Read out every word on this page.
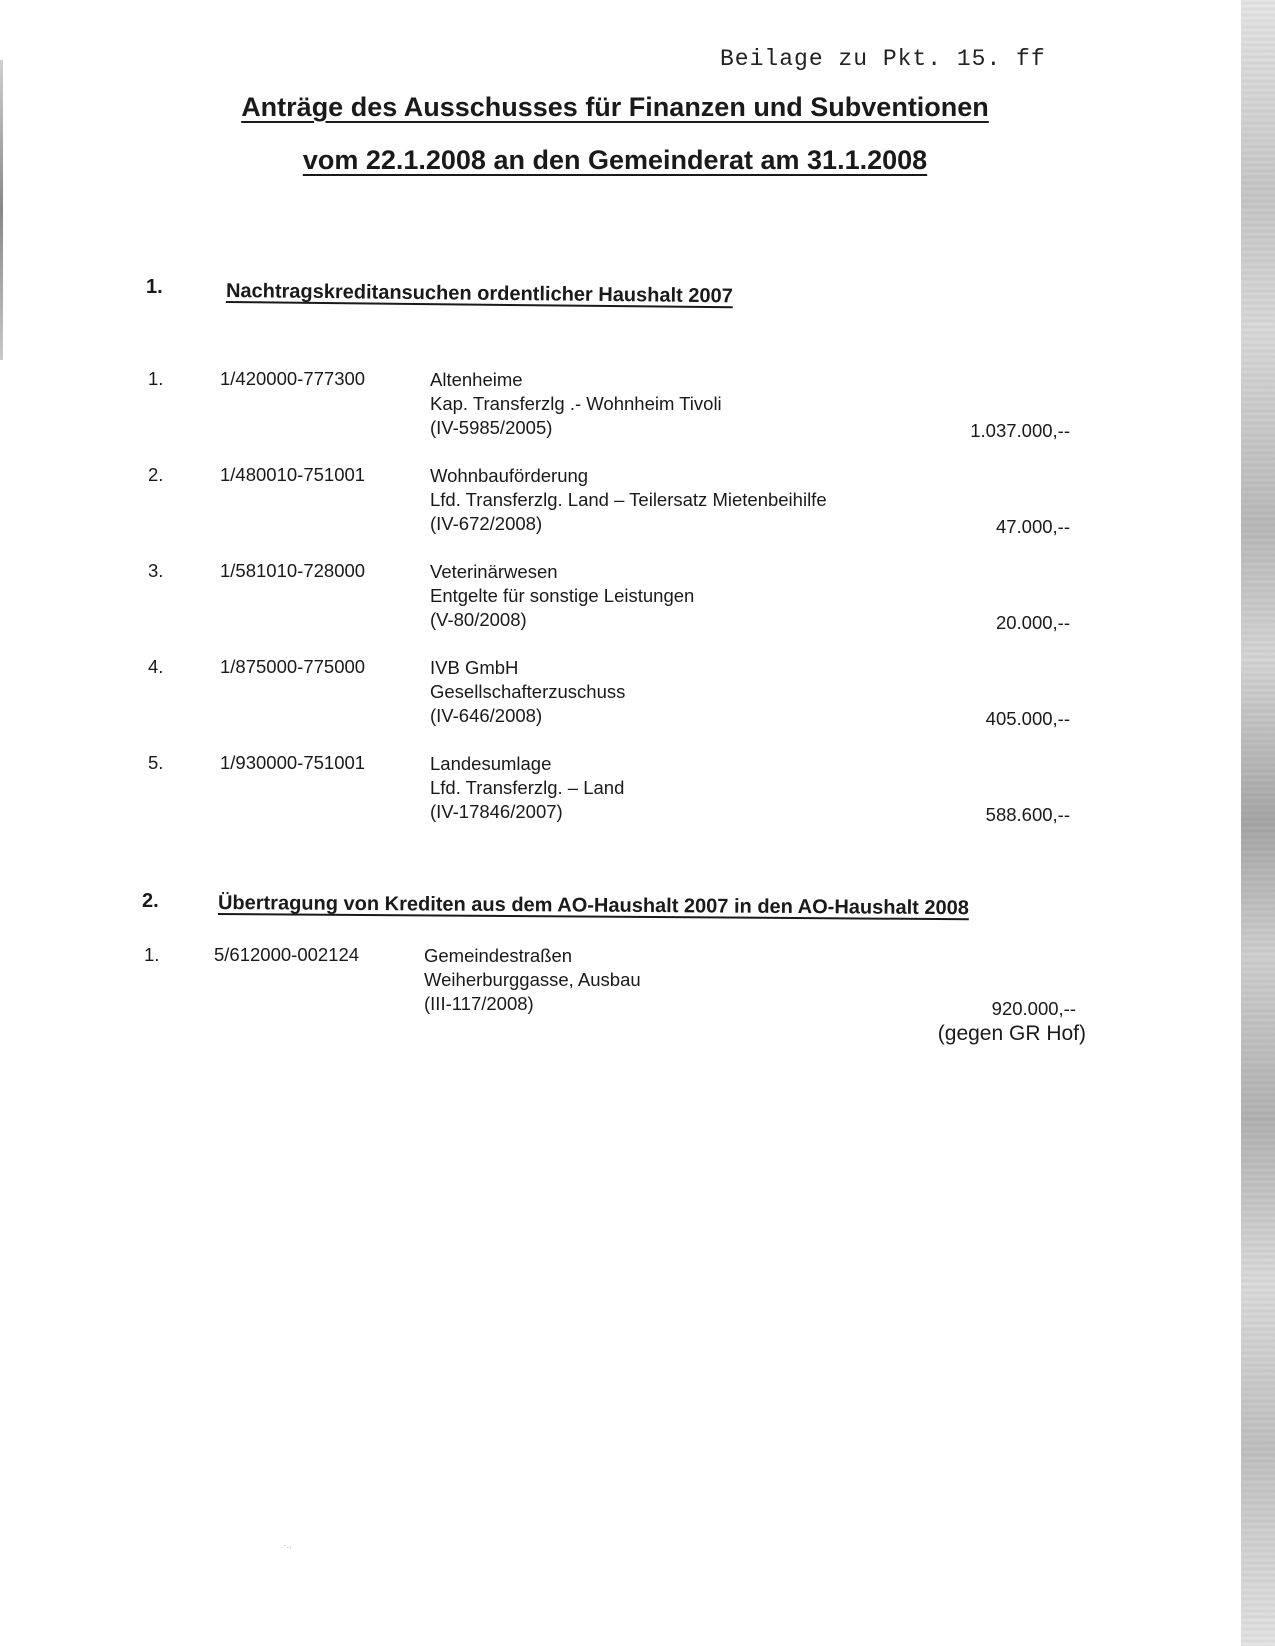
Beilage zu Pkt. 15. ff
Anträge des Ausschusses für Finanzen und Subventionen
vom 22.1.2008 an den Gemeinderat am 31.1.2008
1.	Nachtragskreditansuchen ordentlicher Haushalt 2007
1.	1/420000-777300	Altenheime
Kap. Transferzlg .- Wohnheim Tivoli
(IV-5985/2005)	1.037.000,--
2.	1/480010-751001	Wohnbauförderung
Lfd. Transferzlg. Land – Teilersatz Mietenbeihilfe
(IV-672/2008)	47.000,--
3.	1/581010-728000	Veterinärwesen
Entgelte für sonstige Leistungen
(V-80/2008)	20.000,--
4.	1/875000-775000	IVB GmbH
Gesellschafterzuschuss
(IV-646/2008)	405.000,--
5.	1/930000-751001	Landesumlage
Lfd. Transferzlg. – Land
(IV-17846/2007)	588.600,--
2.	Übertragung von Krediten aus dem AO-Haushalt 2007 in den AO-Haushalt 2008
1.	5/612000-002124	Gemeindestraßen
Weiherburggasse, Ausbau
(III-117/2008)	920.000,--
(gegen GR Hof)
·..
